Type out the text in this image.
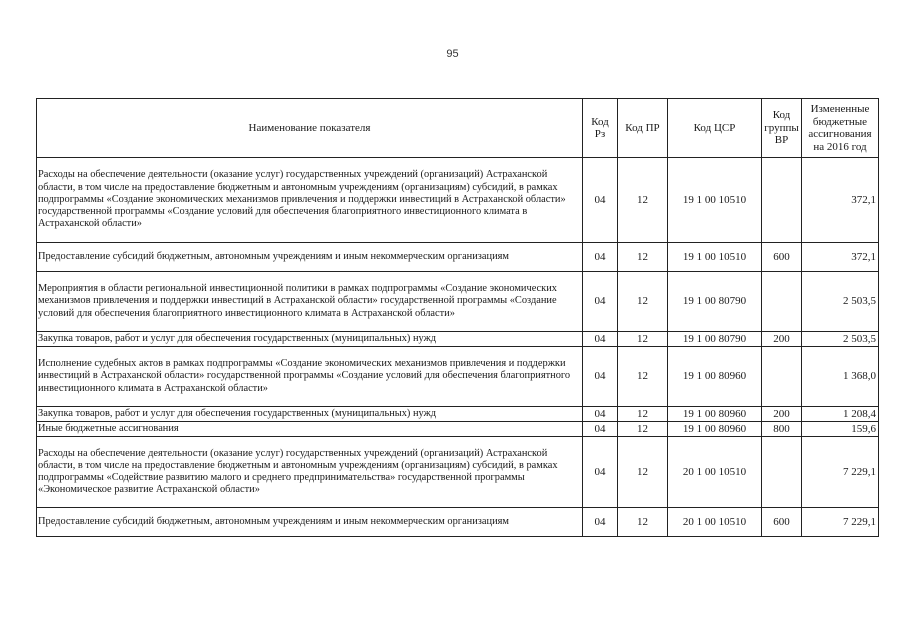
95
Наименование показателя	Код Рз	Код ПР	Код ЦСР	Код группы ВР	Измененные бюджетные ассигнования на 2016 год
Расходы на обеспечение деятельности (оказание услуг) государственных учреждений (организаций) Астраханской области, в том числе на предоставление бюджетным и автономным учреждениям (организациям) субсидий, в рамках подпрограммы «Создание экономических механизмов привлечения и поддержки инвестиций в Астраханской области» государственной программы «Создание условий для обеспечения благоприятного инвестиционного климата в Астраханской области»	04	12	19 1 00 10510		372,1
Предоставление субсидий бюджетным, автономным учреждениям и иным некоммерческим организациям	04	12	19 1 00 10510	600	372,1
Мероприятия в области региональной инвестиционной политики в рамках подпрограммы «Создание экономических механизмов привлечения и поддержки инвестиций в Астраханской области» государственной программы «Создание условий для обеспечения благоприятного инвестиционного климата в Астраханской области»	04	12	19 1 00 80790		2 503,5
Закупка товаров, работ и услуг для обеспечения государственных (муниципальных) нужд	04	12	19 1 00 80790	200	2 503,5
Исполнение судебных актов в рамках подпрограммы «Создание экономических механизмов привлечения и поддержки инвестиций в Астраханской области» государственной программы «Создание условий для обеспечения благоприятного инвестиционного климата в Астраханской области»	04	12	19 1 00 80960		1 368,0
Закупка товаров, работ и услуг для обеспечения государственных (муниципальных) нужд	04	12	19 1 00 80960	200	1 208,4
Иные бюджетные ассигнования	04	12	19 1 00 80960	800	159,6
Расходы на обеспечение деятельности (оказание услуг) государственных учреждений (организаций) Астраханской области, в том числе на предоставление бюджетным и автономным учреждениям (организациям) субсидий, в рамках подпрограммы «Содействие развитию малого и среднего предпринимательства» государственной программы «Экономическое развитие Астраханской области»	04	12	20 1 00 10510		7 229,1
Предоставление субсидий бюджетным, автономным учреждениям и иным некоммерческим организациям	04	12	20 1 00 10510	600	7 229,1
